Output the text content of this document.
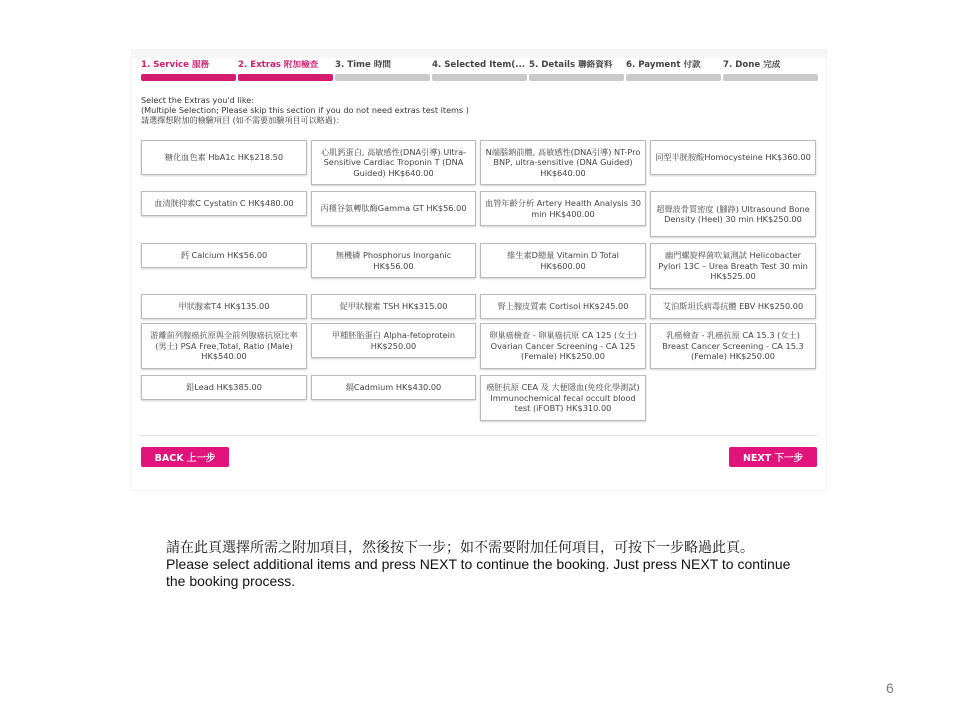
1. Service 服務	2. Extras 附加檢查	3. Time 時間	4. Selected Item(... 5. Details 聯絡資料	6. Payment 付款	7. Done 完成
Select the Extras you'd like:
(Multiple Selection; Please skip this section if you do not need extras test items )
請選擇想附加的檢驗項目 (如不需要加驗項目可以略過)：
糖化血色素 HbA1c HK$218.50
心肌鈣蛋白, 高敏感性(DNA引導) Ultra-Sensitive Cardiac Troponin T (DNA Guided) HK$640.00
N端腦鈉前體, 高敏感性(DNA引導) NT-Pro BNP, ultra-sensitive (DNA Guided) HK$640.00
同型半胱胺酸Homocysteine HK$360.00
血清胱抑素C Cystatin C HK$480.00	丙種谷氨轉肽酶Gamma GT HK$56.00
血管年齡分析 Artery Health Analysis 30 min HK$400.00	超聲波骨質密度 (腳踭) Ultrasound Bone Density (Heel) 30 min HK$250.00
鈣 Calcium HK$56.00	無機磷 Phosphorus Inorganic HK$56.00
維生素D總量 Vitamin D Total HK$600.00
幽門螺旋桿菌吹氣測試 Helicobacter Pylori 13C – Urea Breath Test 30 min HK$525.00
甲狀腺素T4 HK$135.00	促甲狀腺素 TSH HK$315.00	腎上腺皮質素 Cortisol HK$245.00	艾泊斯坦氏病毒抗體 EBV HK$250.00
游離前列腺癌抗原與全前列腺癌抗原比率 (男士) PSA Free,Total, Ratio (Male) HK$540.00
甲種胚胎蛋白 Alpha-fetoprotein HK$250.00
卵巢癌檢查 - 卵巢癌抗原 CA 125 (女士) Ovarian Cancer Screening - CA 125 (Female) HK$250.00
乳癌檢查 - 乳癌抗原 CA 15.3 (女士) Breast Cancer Screening - CA 15.3 (Female) HK$250.00
鉛Lead HK$385.00	鎘Cadmium HK$430.00	癌胚抗原 CEA 及 大便隱血(免疫化學測試) Immunochemical fecal occult blood test (iFOBT) HK$310.00
BACK 上一步	NEXT 下一步
請在此頁選擇所需之附加項目，然後按下一步；如不需要附加任何項目，可按下一步略過此頁。
Please select additional items and press NEXT to continue the booking. Just press NEXT to continue the booking process.
6
